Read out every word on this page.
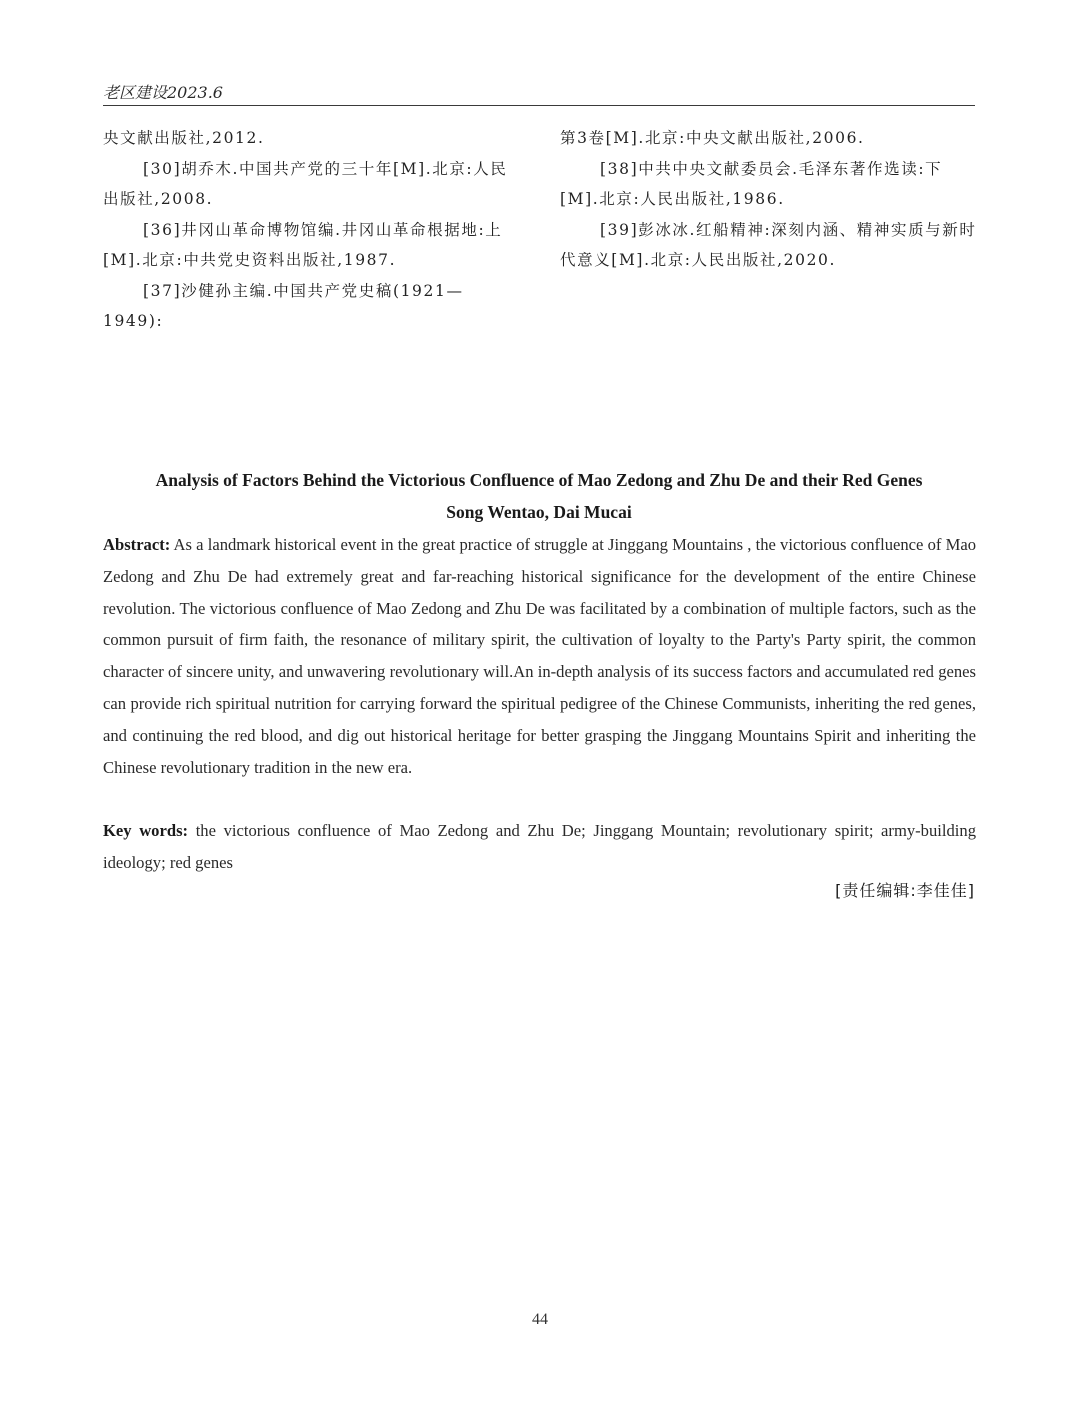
老区建设2023.6

央文献出版社,2012.

[30]胡乔木.中国共产党的三十年[M].北京:人民出版社,2008.

[36]井冈山革命博物馆编.井冈山革命根据地:上[M].北京:中共党史资料出版社,1987.

[37]沙健孙主编.中国共产党史稿(1921—1949):

第3卷[M].北京:中央文献出版社,2006.

[38]中共中央文献委员会.毛泽东著作选读:下[M].北京:人民出版社,1986.

[39]彭冰冰.红船精神:深刻内涵、精神实质与新时代意义[M].北京:人民出版社,2020.

Analysis of Factors Behind the Victorious Confluence of Mao Zedong and Zhu De and their Red Genes
Song Wentao, Dai Mucai

Abstract: As a landmark historical event in the great practice of struggle at Jinggang Mountains , the victorious confluence of Mao Zedong and Zhu De had extremely great and far-reaching historical significance for the development of the entire Chinese revolution. The victorious confluence of Mao Zedong and Zhu De was facilitated by a combination of multiple factors, such as the common pursuit of firm faith, the resonance of military spirit, the cultivation of loyalty to the Party's Party spirit, the common character of sincere unity, and unwavering revolutionary will.An in-depth analysis of its success factors and accumulated red genes can provide rich spiritual nutrition for carrying forward the spiritual pedigree of the Chinese Communists, inheriting the red genes, and continuing the red blood, and dig out historical heritage for better grasping the Jinggang Mountains Spirit and inheriting the Chinese revolutionary tradition in the new era.

Key words: the victorious confluence of Mao Zedong and Zhu De; Jinggang Mountain; revolutionary spirit; army-building ideology; red genes

[责任编辑:李佳佳]
44
